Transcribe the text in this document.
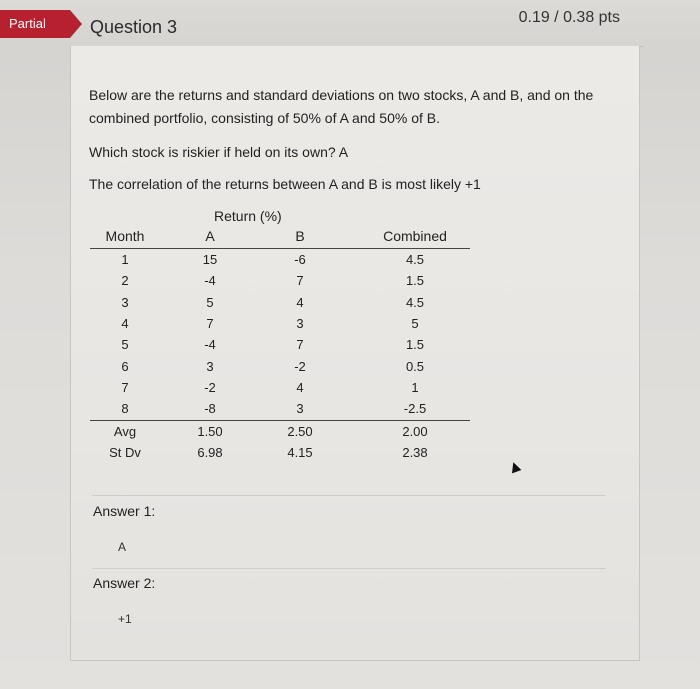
Partial	Question 3	0.19 / 0.38 pts
Below are the returns and standard deviations on two stocks, A and B, and on the
combined portfolio, consisting of 50% of A and 50% of B.
Which stock is riskier if held on its own? A
The correlation of the returns between A and B is most likely +1
Return (%)
Month	A	B	Combined
1	15	-6	4.5
2	-4	7	1.5
3	5	4	4.5
4	7	3	5
5	-4	7	1.5
6	3	-2	0.5
7	-2	4	1
8	-8	3	-2.5
Avg	1.50	2.50	2.00
St Dv	6.98	4.15	2.38
Answer 1:
A
Answer 2:
+1
